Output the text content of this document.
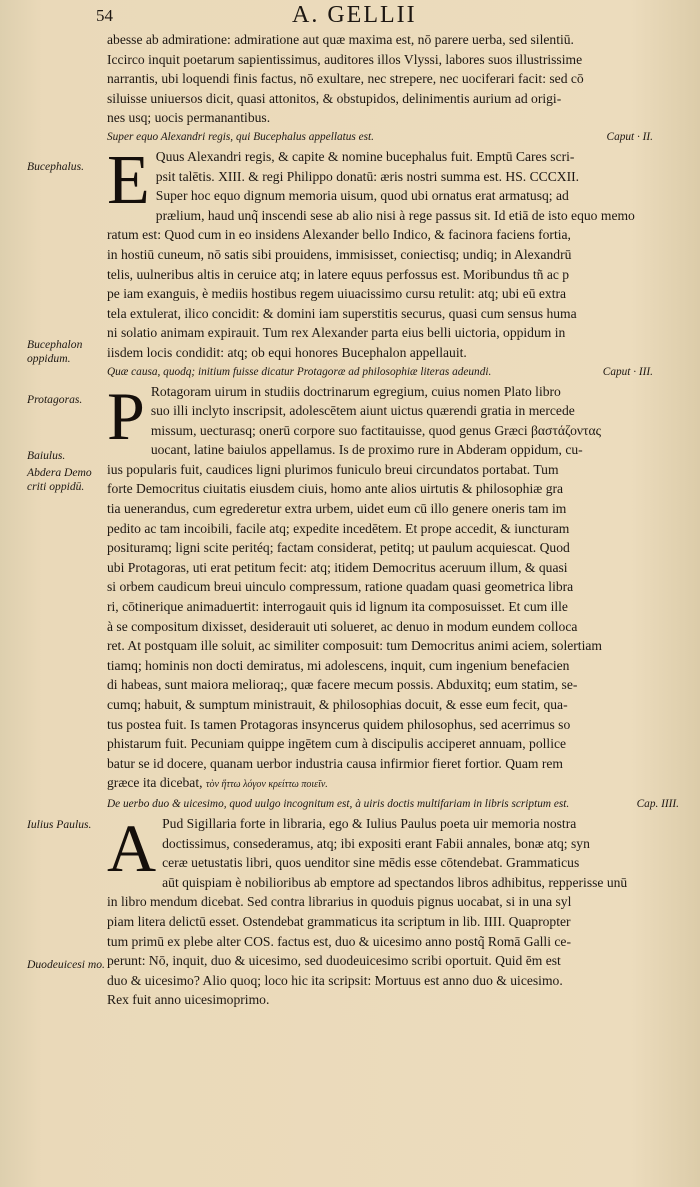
54	A. GELLII
Bucephalus.
Bucephalon oppidum.
Protagoras.
Baiulus.
Abdera Demo criti oppidū.
Iulius Paulus.
Duodeuicesi mo.

abesse ab admiratione: admiratione aut quæ maxima est, nō parere uerba, sed silentiū.
Iccirco inquit poetarum sapientissimus, auditores illos Vlyssi, labores suos illustrissime
narrantis, ubi loquendi finis factus, nō exultare, nec strepere, nec uociferari facit: sed cō
siluisse uniuersos dicit, quasi attonitos, & obstupidos, delinimentis aurium ad origi-
nes usq; uocis permanantibus.

Super equo Alexandri regis, qui Bucephalus appellatus est.	Caput · II.

E Quus Alexandri regis, & capite & nomine bucephalus fuit. Emptū Cares scri-
psit talētis. XIII. & regi Philippo donatū: æris nostri summa est. HS. CCCXII.
Super hoc equo dignum memoria uisum, quod ubi ornatus erat armatusq; ad
prælium, haud unq̃ inscendi sese ab alio nisi à rege passus sit. Id etiā de isto equo memo
ratum est: Quod cum in eo insidens Alexander bello Indico, & facinora faciens fortia,
in hostiū cuneum, nō satis sibi prouidens, immisisset, coniectisq; undiq; in Alexandrū
telis, uulneribus altis in ceruice atq; in latere equus perfossus est. Moribundus tñ ac p
pe iam exanguis, è mediis hostibus regem uiuacissimo cursu retulit: atq; ubi eū extra
tela extulerat, ilico concidit: & domini iam superstitis securus, quasi cum sensus huma
ni solatio animam expirauit. Tum rex Alexander parta eius belli uictoria, oppidum in
iisdem locis condidit: atq; ob equi honores Bucephalon appellauit.

Quæ causa, quodq; initium fuisse dicatur Protagoræ ad philosophiæ literas adeundi.	Caput · III.

P Rotagoram uirum in studiis doctrinarum egregium, cuius nomen Plato libro
suo illi inclyto inscripsit, adolescētem aiunt uictus quærendi gratia in mercede
missum, uecturasq; onerū corpore suo factitauisse, quod genus Græci βαστάζοντας
uocant, latine baiulos appellamus. Is de proximo rure in Abderam oppidum, cu-
ius popularis fuit, caudices ligni plurimos funiculo breui circundatos portabat. Tum
forte Democritus ciuitatis eiusdem ciuis, homo ante alios uirtutis & philosophiæ gra
tia uenerandus, cum egrederetur extra urbem, uidet eum cū illo genere oneris tam im
pedito ac tam incoibili, facile atq; expedite incedētem. Et prope accedit, & iuncturam
posituramq; ligni scite peritéq; factam considerat, petitq; ut paulum acquiescat. Quod
ubi Protagoras, uti erat petitum fecit: atq; itidem Democritus aceruum illum, & quasi
si orbem caudicum breui uinculo compressum, ratione quadam quasi geometrica libra
ri, cōtinerique animaduertit: interrogauit quis id lignum ita composuisset. Et cum ille
à se compositum dixisset, desiderauit uti solueret, ac denuo in modum eundem colloca
ret. At postquam ille soluit, ac similiter composuit: tum Democritus animi aciem, solertiam
tiamq; hominis non docti demiratus, mi adolescens, inquit, cum ingenium benefacien
di habeas, sunt maiora melioraq;, quæ facere mecum possis. Abduxitq; eum statim, se-
cumq; habuit, & sumptum ministrauit, & philosophias docuit, & esse eum fecit, qua-
tus postea fuit. Is tamen Protagoras insyncerus quidem philosophus, sed acerrimus so
phistarum fuit. Pecuniam quippe ingētem cum à discipulis acciperet annuam, pollice
batur se id docere, quanam uerbor industria causa infirmior fieret fortior. Quam rem
græce ita dicebat, τὸν ἥττω λόγον κρείττω ποιεῖν.

De uerbo duo & uicesimo, quod uulgo incognitum est, à uiris doctis multifariam in libris scriptum est.	Cap. IIII.

A Pud Sigillaria forte in libraria, ego & Iulius Paulus poeta uir memoria nostra
doctissimus, consederamus, atq; ibi expositi erant Fabii annales, bonæ atq; syn
ceræ uetustatis libri, quos uenditor sine mēdis esse cōtendebat. Grammaticus
aūt quispiam è nobilioribus ab emptore ad spectandos libros adhibitus, repperisse unū
in libro mendum dicebat. Sed contra librarius in quoduis pignus uocabat, si in una syl
piam litera delictū esset. Ostendebat grammaticus ita scriptum in lib. IIII. Quapropter
tum primū ex plebe alter COS. factus est, duo & uicesimo anno postq̃ Romā Galli ce-
perunt: Nō, inquit, duo & uicesimo, sed duodeuicesimo scribi oportuit. Quid ēm est
duo & uicesimo? Alio quoq; loco hic ita scripsit: Mortuus est anno duo & uicesimo.
Rex fuit anno uicesimoprimo.
